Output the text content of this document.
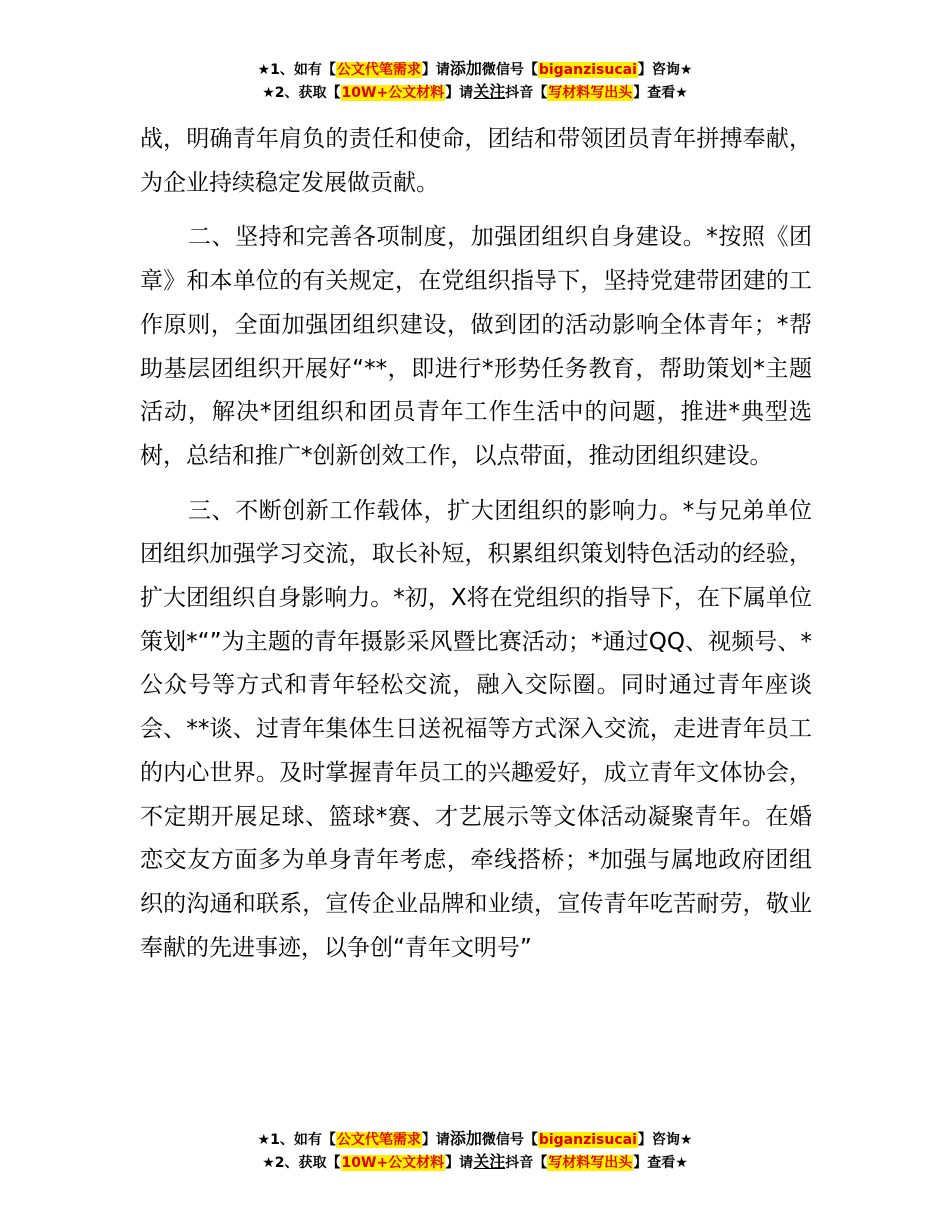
★1、如有【公文代笔需求】请添加微信号【biganzisucai】咨询★
★2、获取【10W+公文材料】请关注抖音【写材料写出头】查看★

战，明确青年肩负的责任和使命，团结和带领团员青年拼搏奉献，为企业持续稳定发展做贡献。

二、坚持和完善各项制度，加强团组织自身建设。*按照《团章》和本单位的有关规定，在党组织指导下，坚持党建带团建的工作原则，全面加强团组织建设，做到团的活动影响全体青年；*帮助基层团组织开展好“**，即进行*形势任务教育，帮助策划*主题活动，解决*团组织和团员青年工作生活中的问题，推进*典型选树，总结和推广*创新创效工作，以点带面，推动团组织建设。

三、不断创新工作载体，扩大团组织的影响力。*与兄弟单位团组织加强学习交流，取长补短，积累组织策划特色活动的经验，扩大团组织自身影响力。*初，X将在党组织的指导下，在下属单位策划*“”为主题的青年摄影采风暨比赛活动；*通过QQ、视频号、*公众号等方式和青年轻松交流，融入交际圈。同时通过青年座谈会、**谈、过青年集体生日送祝福等方式深入交流，走进青年员工的内心世界。及时掌握青年员工的兴趣爱好，成立青年文体协会，不定期开展足球、篮球*赛、才艺展示等文体活动凝聚青年。在婚恋交友方面多为单身青年考虑，牵线搭桥；*加强与属地政府团组织的沟通和联系，宣传企业品牌和业绩，宣传青年吃苦耐劳，敬业奉献的先进事迹，以争创“青年文明号”

★1、如有【公文代笔需求】请添加微信号【biganzisucai】咨询★
★2、获取【10W+公文材料】请关注抖音【写材料写出头】查看★
